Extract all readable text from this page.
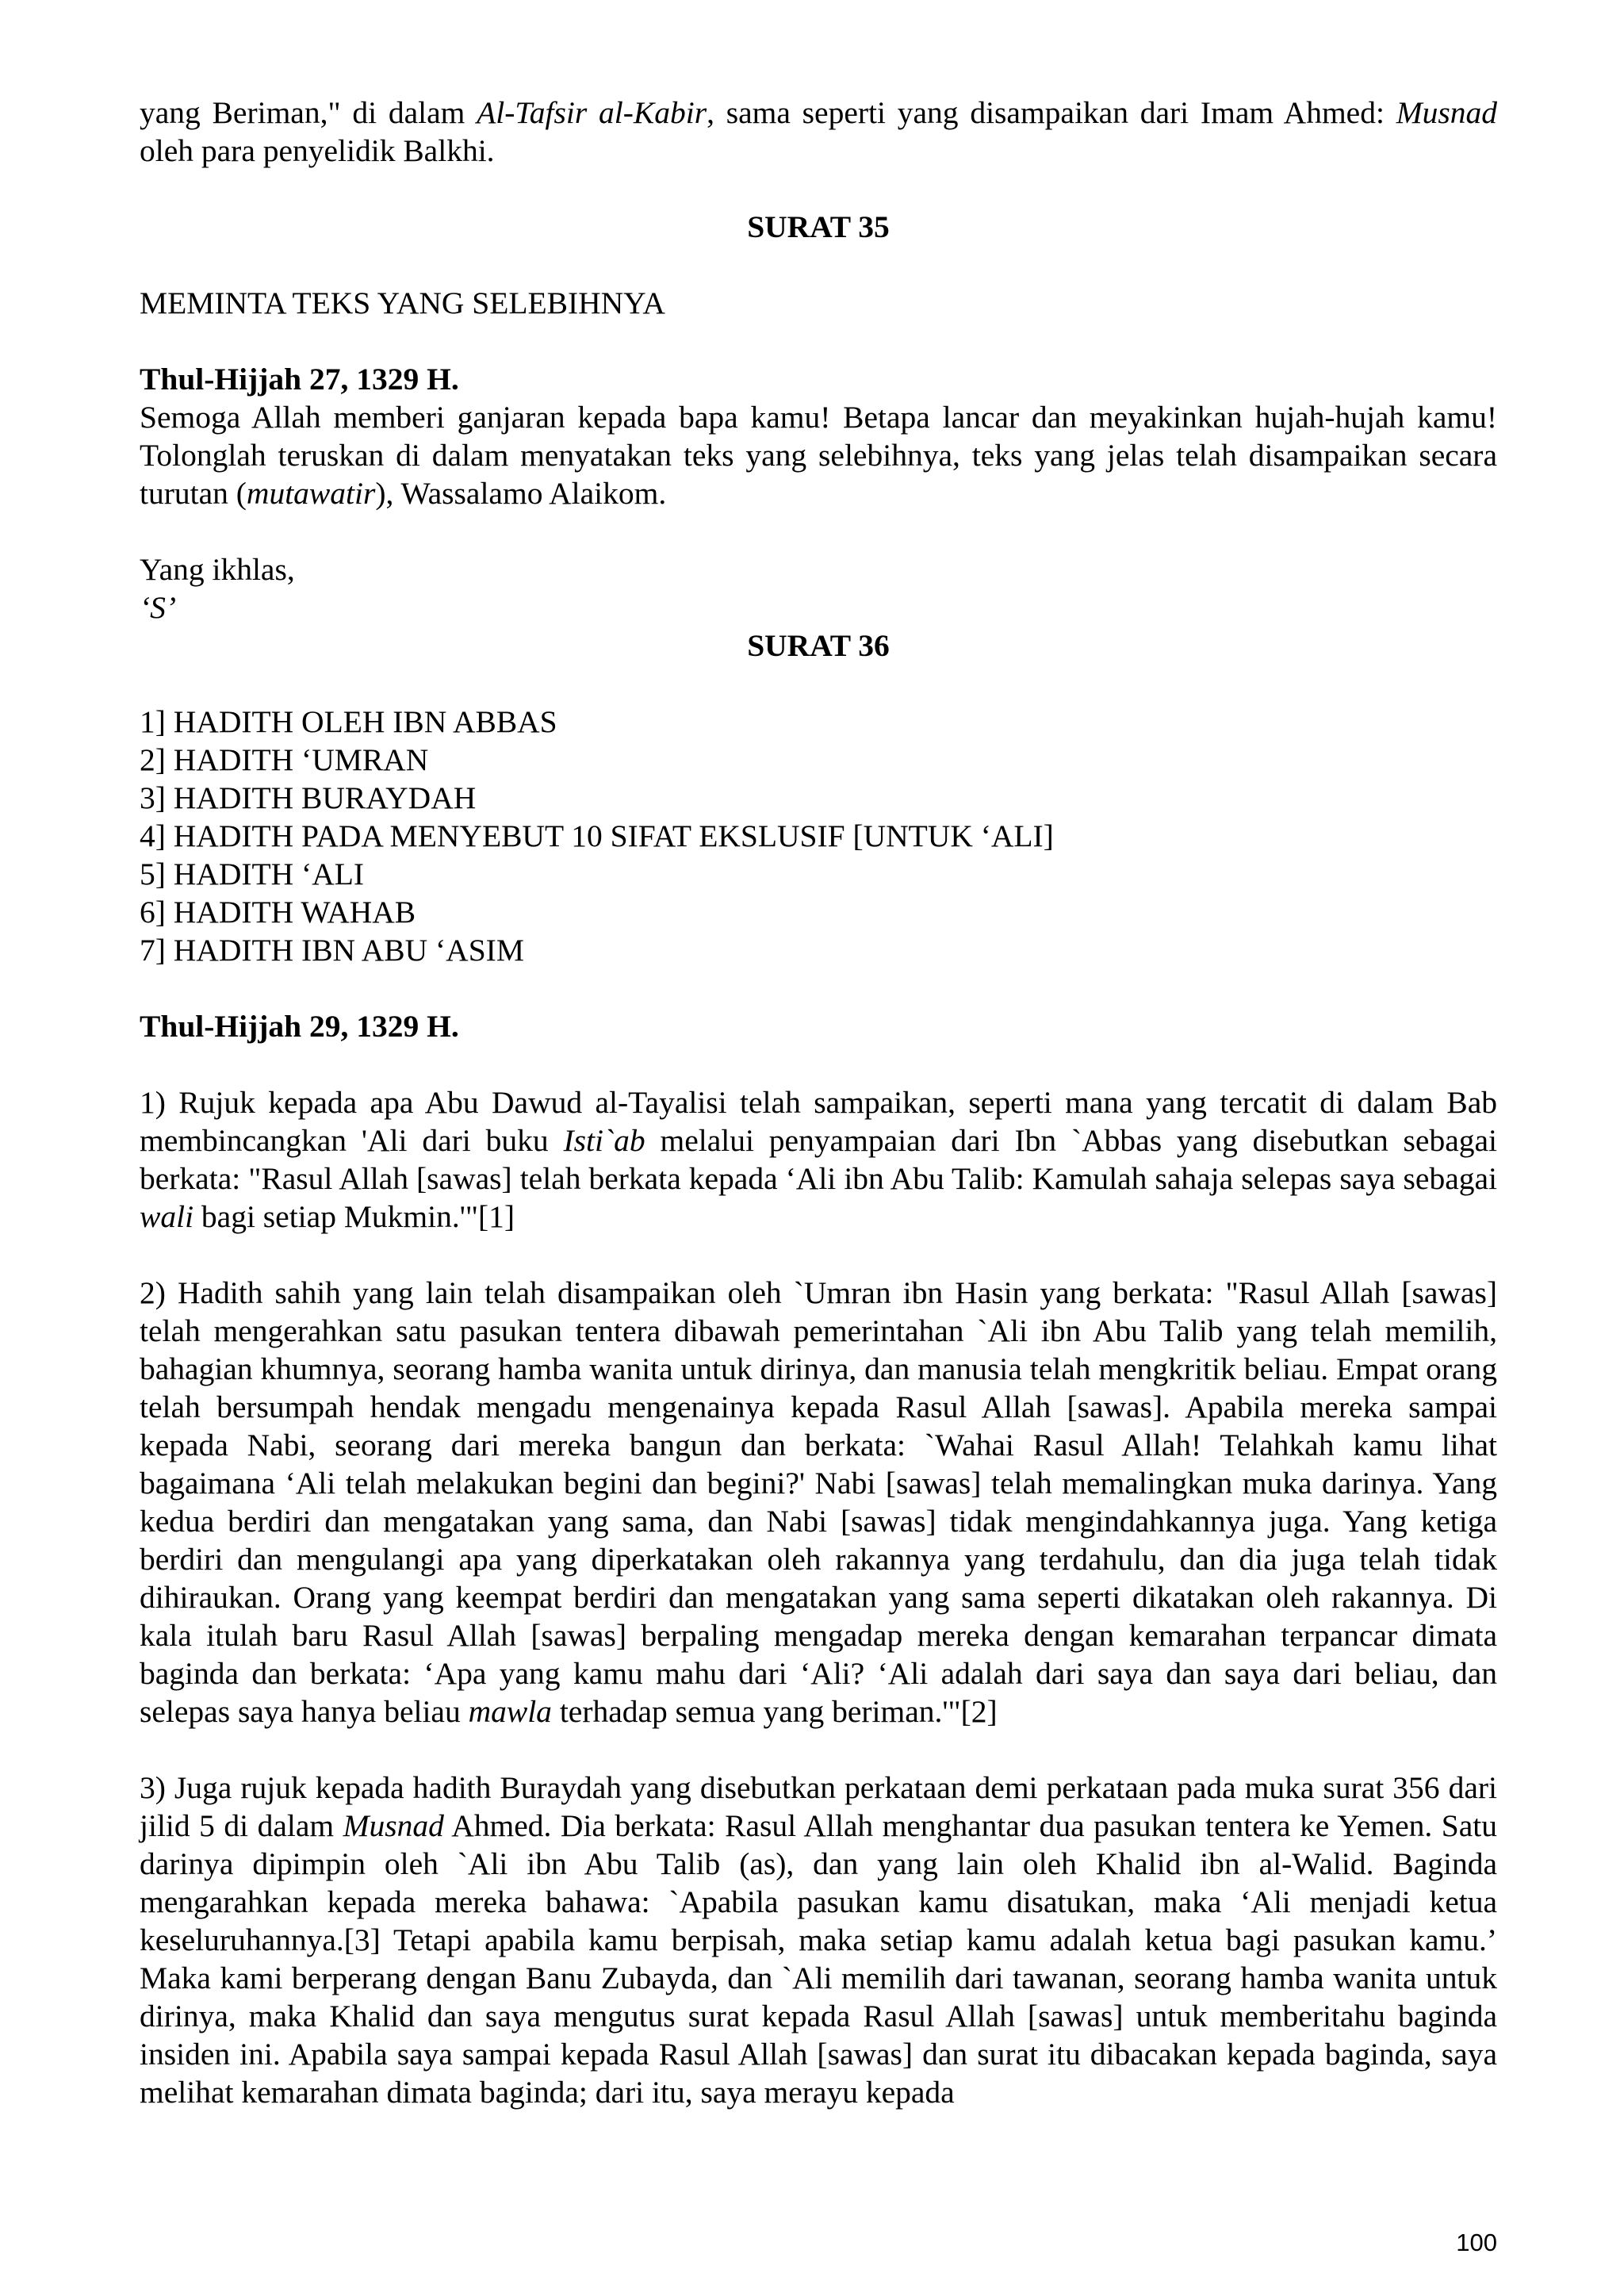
yang Beriman," di dalam Al-Tafsir al-Kabir, sama seperti yang disampaikan dari Imam Ahmed: Musnad oleh para penyelidik Balkhi.

SURAT 35

MEMINTA TEKS YANG SELEBIHNYA

Thul-Hijjah 27, 1329 H.

Semoga Allah memberi ganjaran kepada bapa kamu! Betapa lancar dan meyakinkan hujah-hujah kamu! Tolonglah teruskan di dalam menyatakan teks yang selebihnya, teks yang jelas telah disampaikan secara turutan (mutawatir), Wassalamo Alaikom.

Yang ikhlas,

‘S’

SURAT 36

1] HADITH OLEH IBN ABBAS

2] HADITH ‘UMRAN

3] HADITH BURAYDAH

4] HADITH PADA MENYEBUT 10 SIFAT EKSLUSIF [UNTUK ‘ALI]

5] HADITH ‘ALI

6] HADITH WAHAB

7] HADITH IBN ABU ‘ASIM

Thul-Hijjah 29, 1329 H.

1) Rujuk kepada apa Abu Dawud al-Tayalisi telah sampaikan, seperti mana yang tercatit di dalam Bab membincangkan 'Ali dari buku Isti`ab melalui penyampaian dari Ibn `Abbas yang disebutkan sebagai berkata: "Rasul Allah [sawas] telah berkata kepada ‘Ali ibn Abu Talib: Kamulah sahaja selepas saya sebagai wali bagi setiap Mukmin.'"[1]

2) Hadith sahih yang lain telah disampaikan oleh `Umran ibn Hasin yang berkata: "Rasul Allah [sawas] telah mengerahkan satu pasukan tentera dibawah pemerintahan `Ali ibn Abu Talib yang telah memilih, bahagian khumnya, seorang hamba wanita untuk dirinya, dan manusia telah mengkritik beliau. Empat orang telah bersumpah hendak mengadu mengenainya kepada Rasul Allah [sawas]. Apabila mereka sampai kepada Nabi, seorang dari mereka bangun dan berkata: `Wahai Rasul Allah! Telahkah kamu lihat bagaimana ‘Ali telah melakukan begini dan begini?' Nabi [sawas] telah memalingkan muka darinya. Yang kedua berdiri dan mengatakan yang sama, dan Nabi [sawas] tidak mengindahkannya juga. Yang ketiga berdiri dan mengulangi apa yang diperkatakan oleh rakannya yang terdahulu, dan dia juga telah tidak dihiraukan. Orang yang keempat berdiri dan mengatakan yang sama seperti dikatakan oleh rakannya. Di kala itulah baru Rasul Allah [sawas] berpaling mengadap mereka dengan kemarahan terpancar dimata baginda dan berkata: ‘Apa yang kamu mahu dari ‘Ali? ‘Ali adalah dari saya dan saya dari beliau, dan selepas saya hanya beliau mawla terhadap semua yang beriman.'"[2]

3) Juga rujuk kepada hadith Buraydah yang disebutkan perkataan demi perkataan pada muka surat 356 dari jilid 5 di dalam Musnad Ahmed. Dia berkata: Rasul Allah menghantar dua pasukan tentera ke Yemen. Satu darinya dipimpin oleh `Ali ibn Abu Talib (as), dan yang lain oleh Khalid ibn al-Walid. Baginda mengarahkan kepada mereka bahawa: `Apabila pasukan kamu disatukan, maka ‘Ali menjadi ketua keseluruhannya.[3] Tetapi apabila kamu berpisah, maka setiap kamu adalah ketua bagi pasukan kamu.’ Maka kami berperang dengan Banu Zubayda, dan `Ali memilih dari tawanan, seorang hamba wanita untuk dirinya, maka Khalid dan saya mengutus surat kepada Rasul Allah [sawas] untuk memberitahu baginda insiden ini. Apabila saya sampai kepada Rasul Allah [sawas] dan surat itu dibacakan kepada baginda, saya melihat kemarahan dimata baginda; dari itu, saya merayu kepada

100
